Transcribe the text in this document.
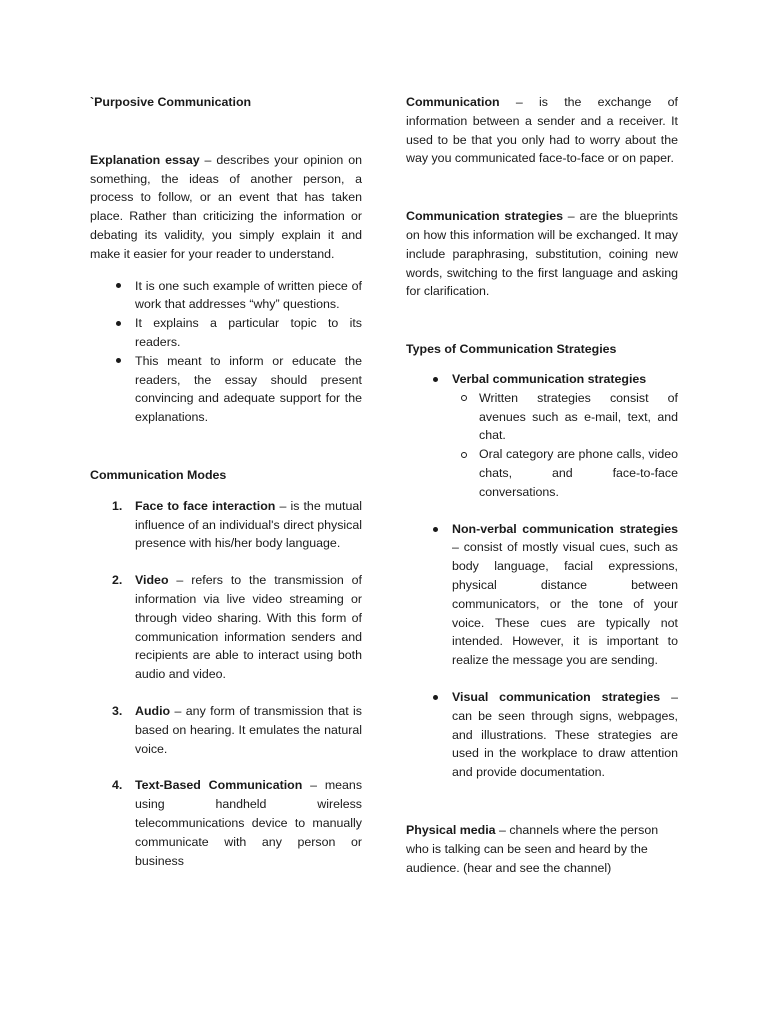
`Purposive Communication

Explanation essay – describes your opinion on something, the ideas of another person, a process to follow, or an event that has taken place. Rather than criticizing the information or debating its validity, you simply explain it and make it easier for your reader to understand.

It is one such example of written piece of work that addresses “why” questions.
It explains a particular topic to its readers.
This meant to inform or educate the readers, the essay should present convincing and adequate support for the explanations.

Communication Modes

1. Face to face interaction – is the mutual influence of an individual's direct physical presence with his/her body language.
2. Video – refers to the transmission of information via live video streaming or through video sharing. With this form of communication information senders and recipients are able to interact using both audio and video.
3. Audio – any form of transmission that is based on hearing. It emulates the natural voice.
4. Text-Based Communication – means using handheld wireless telecommunications device to manually communicate with any person or business

Communication – is the exchange of information between a sender and a receiver. It used to be that you only had to worry about the way you communicated face-to-face or on paper.

Communication strategies – are the blueprints on how this information will be exchanged. It may include paraphrasing, substitution, coining new words, switching to the first language and asking for clarification.

Types of Communication Strategies

Verbal communication strategies
Written strategies consist of avenues such as e-mail, text, and chat.
Oral category are phone calls, video chats, and face-to-face conversations.
Non-verbal communication strategies – consist of mostly visual cues, such as body language, facial expressions, physical distance between communicators, or the tone of your voice. These cues are typically not intended. However, it is important to realize the message you are sending.
Visual communication strategies – can be seen through signs, webpages, and illustrations. These strategies are used in the workplace to draw attention and provide documentation.

Physical media – channels where the person who is talking can be seen and heard by the audience. (hear and see the channel)
